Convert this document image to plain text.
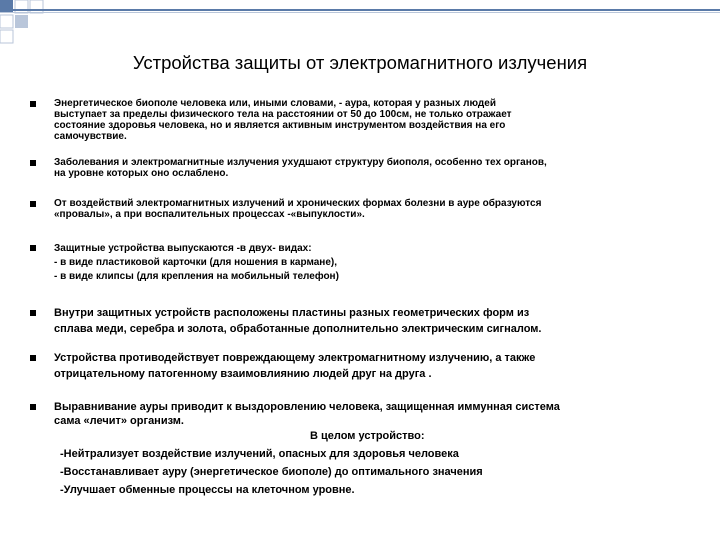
Устройства защиты от электромагнитного излучения
Энергетическое биополе человека или, иными словами, - аура, которая у разных людей
выступает за пределы физического тела на расстоянии от 50 до 100см, не только отражает
состояние здоровья человека, но и является активным инструментом воздействия на его
самочувствие.
Заболевания и электромагнитные излучения ухудшают структуру биополя, особенно тех органов,
на уровне которых оно ослаблено.
От воздействий электромагнитных излучений и хронических формах болезни в ауре образуются
«провалы», а при воспалительных процессах -«выпуклости».
Защитные устройства выпускаются -в двух- видах:
- в виде пластиковой карточки (для ношения в кармане),
- в виде клипсы (для крепления на мобильный телефон)
Внутри защитных устройств расположены пластины разных геометрических форм из
сплава меди, серебра и золота, обработанные дополнительно электрическим сигналом.
Устройства противодействует повреждающему электромагнитному излучению, а также
отрицательному патогенному взаимовлиянию людей друг на друга .
Выравнивание ауры приводит к выздоровлению человека, защищенная иммунная система
сама «лечит» организм.
В целом устройство:
-Нейтрализует воздействие излучений, опасных для здоровья человека
-Восстанавливает ауру (энергетическое биополе) до оптимального значения
-Улучшает обменные процессы на клеточном уровне.
